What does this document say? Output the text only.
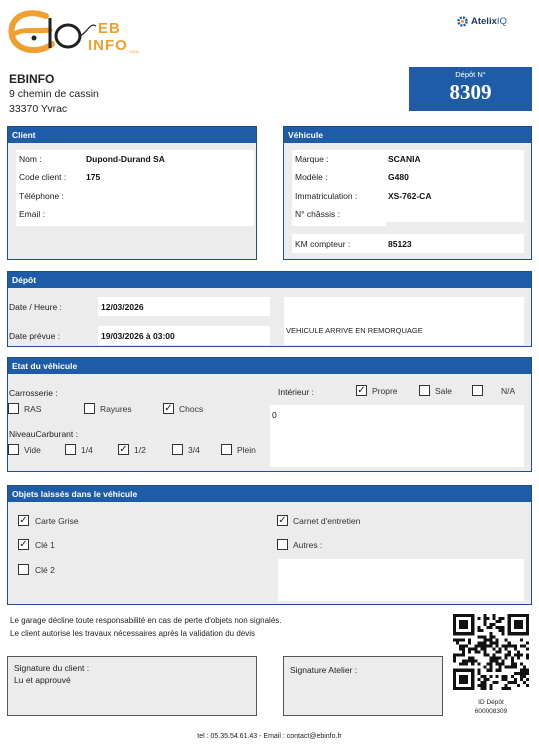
EB
INFO SARL
Atelix IQ
EBINFO
9 chemin de cassin
33370 Yvrac
Dépôt N°
8309
Client
Nom :	Dupond-Durand SA
Code client : 175
Téléphone :
Email :
Véhicule
Marque :	SCANIA
Modèle :	G480
Immatriculation :	XS-762-CA
N° châssis :
KM compteur :	85123
Dépôt
Date / Heure :	12/03/2026
Date prévue :	19/03/2026 à 03:00
VEHICULE ARRIVE EN REMORQUAGE
Etat du véhicule
Carrosserie :
NiveauCarburant :
Intérieur :
0
RAS	Rayures	✓ Chocs
Vide	1/4	✓ 1/2	3/4	Plein
✓ Propre	Sale	N/A
Objets laissés dans le véhicule
✓ Carte Grise
✓ Clé 1
Clé 2
✓ Carnet d'entretien
Autres :
Le garage décline toute responsabilité en cas de perte d'objets non signalés.
Le client autorise les travaux nécessaires après la validation du devis
Signature du client :
Lu et approuvé
Signature Atelier :
ID Dépôt
600008309
tel : 05.35.54.61.43 - Email : contact@ebinfo.fr
